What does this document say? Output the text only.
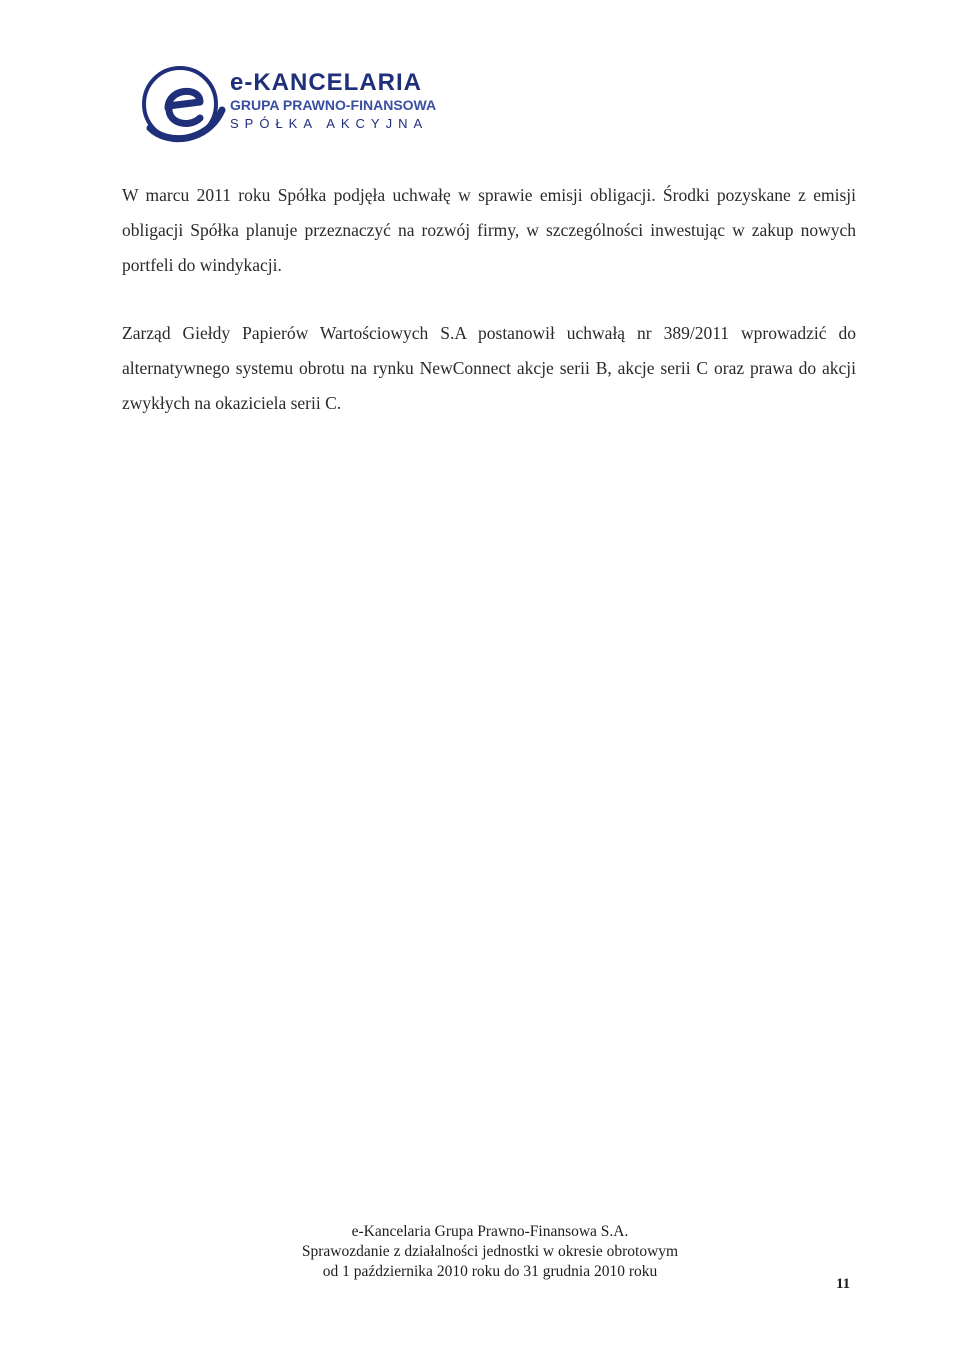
e-KANCELARIA
GRUPA PRAWNO-FINANSOWA
SPÓŁKA AKCYJNA

W marcu 2011 roku Spółka podjęła uchwałę w sprawie emisji obligacji. Środki pozyskane z emisji obligacji Spółka planuje przeznaczyć na rozwój firmy, w szczególności inwestując w zakup nowych portfeli do windykacji.

Zarząd Giełdy Papierów Wartościowych S.A postanowił uchwałą nr 389/2011 wprowadzić do alternatywnego systemu obrotu na rynku NewConnect akcje serii B, akcje serii C oraz prawa do akcji zwykłych na okaziciela serii C.

e-Kancelaria Grupa Prawno-Finansowa S.A.
Sprawozdanie z działalności jednostki w okresie obrotowym
od 1 października 2010 roku do 31 grudnia 2010 roku
11
